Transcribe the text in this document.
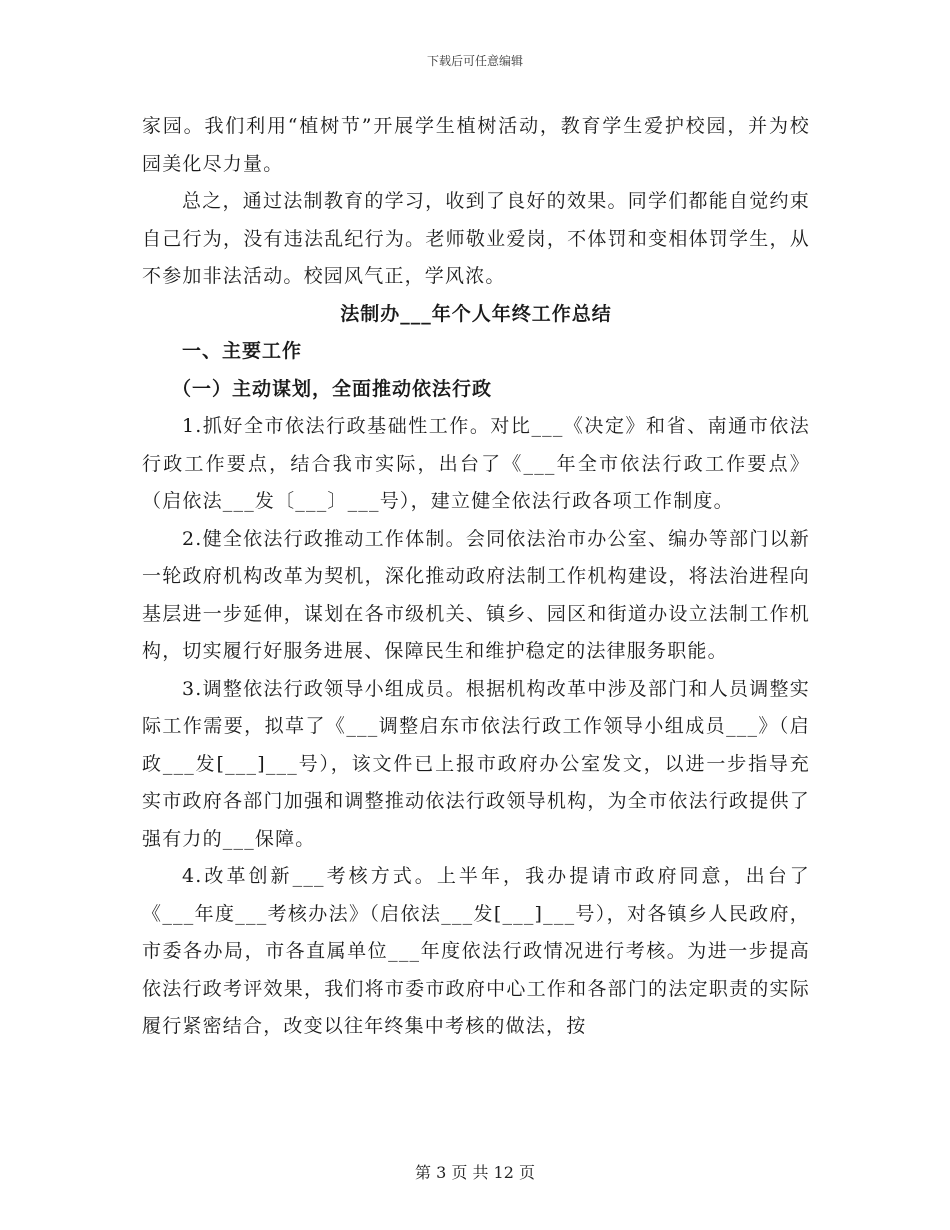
下载后可任意编辑

家园。我们利用“植树节”开展学生植树活动，教育学生爱护校园，并为校园美化尽力量。

总之，通过法制教育的学习，收到了良好的效果。同学们都能自觉约束自己行为，没有违法乱纪行为。老师敬业爱岗，不体罚和变相体罚学生，从不参加非法活动。校园风气正，学风浓。

法制办___年个人年终工作总结

一、主要工作

（一）主动谋划，全面推动依法行政

1.抓好全市依法行政基础性工作。对比___《决定》和省、南通市依法行政工作要点，结合我市实际，出台了《___年全市依法行政工作要点》（启依法___发〔___〕___号），建立健全依法行政各项工作制度。

2.健全依法行政推动工作体制。会同依法治市办公室、编办等部门以新一轮政府机构改革为契机，深化推动政府法制工作机构建设，将法治进程向基层进一步延伸，谋划在各市级机关、镇乡、园区和街道办设立法制工作机构，切实履行好服务进展、保障民生和维护稳定的法律服务职能。

3.调整依法行政领导小组成员。根据机构改革中涉及部门和人员调整实际工作需要，拟草了《___调整启东市依法行政工作领导小组成员___》（启政___发[___]___号），该文件已上报市政府办公室发文，以进一步指导充实市政府各部门加强和调整推动依法行政领导机构，为全市依法行政提供了强有力的___保障。

4.改革创新___考核方式。上半年，我办提请市政府同意，出台了《___年度___考核办法》（启依法___发[___]___号），对各镇乡人民政府，市委各办局，市各直属单位___年度依法行政情况进行考核。为进一步提高依法行政考评效果，我们将市委市政府中心工作和各部门的法定职责的实际履行紧密结合，改变以往年终集中考核的做法，按

第 3 页 共 12 页
